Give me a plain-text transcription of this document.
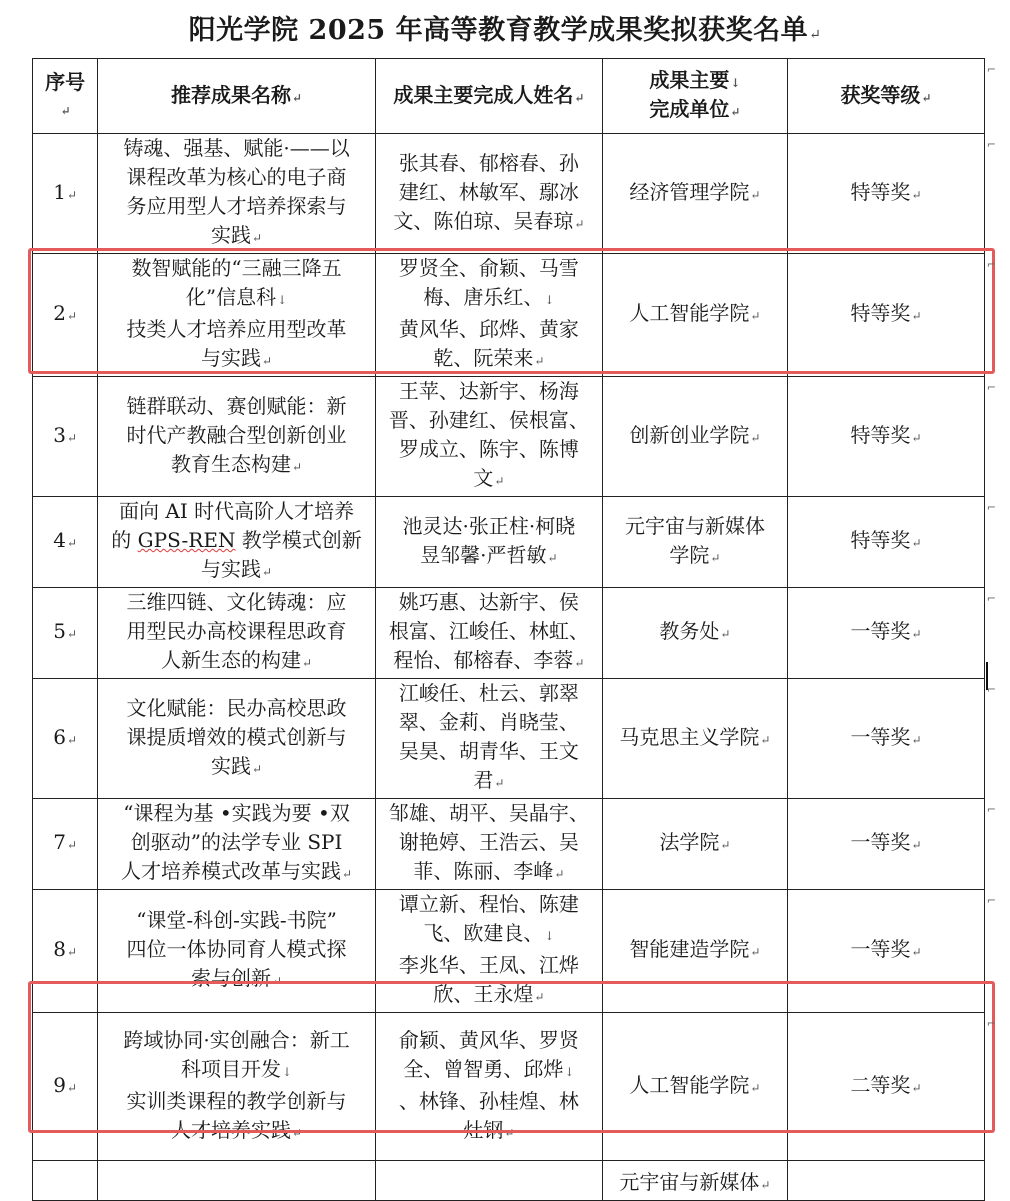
阳光学院 2025 年高等教育教学成果奖拟获奖名单↵
序号↵	推荐成果名称↵	成果主要完成人姓名↵	成果主要↓
完成单位↵	获奖等级↵
1↵	铸魂、强基、赋能·——以
课程改革为核心的电子商
务应用型人才培养探索与
实践↵	张其春、郁榕春、孙
建红、林敏军、鄢冰
文、陈伯琼、吴春琼↵	经济管理学院↵	特等奖↵
2↵	数智赋能的“三融三降五
化”信息科↓
技类人才培养应用型改革
与实践↵	罗贤全、俞颖、马雪
梅、唐乐红、↓
黄风华、邱烨、黄家
乾、阮荣来↵	人工智能学院↵	特等奖↵
3↵	链群联动、赛创赋能：新
时代产教融合型创新创业
教育生态构建↵	王苹、达新宇、杨海
晋、孙建红、侯根富、
罗成立、陈宇、陈博
文↵	创新创业学院↵	特等奖↵
4↵	面向 AI 时代高阶人才培养
的 GPS-REN 教学模式创新
与实践↵	池灵达·张正柱·柯晓
昱邹馨·严哲敏↵	元宇宙与新媒体
学院↵	特等奖↵
5↵	三维四链、文化铸魂：应
用型民办高校课程思政育
人新生态的构建↵	姚巧惠、达新宇、侯
根富、江峻任、林虹、
程怡、郁榕春、李蓉↵	教务处↵	一等奖↵
6↵	文化赋能：民办高校思政
课提质增效的模式创新与
实践↵	江峻任、杜云、郭翠
翠、金莉、肖晓莹、
吴昊、胡青华、王文
君↵	马克思主义学院↵	一等奖↵
7↵	“课程为基 •实践为要 •双
创驱动”的法学专业 SPI
人才培养模式改革与实践↵	邹雄、胡平、吴晶宇、
谢艳婷、王浩云、吴
菲、陈丽、李峰↵	法学院↵	一等奖↵
8↵	“课堂-科创-实践-书院”
四位一体协同育人模式探
索与创新↵	谭立新、程怡、陈建
飞、欧建良、↓
李兆华、王凤、江烨
欣、王永煌↵	智能建造学院↵	一等奖↵
9↵	跨域协同·实创融合：新工
科项目开发↓
实训类课程的教学创新与
人才培养实践↵	俞颖、黄风华、罗贤
全、曾智勇、邱烨↓
、林锋、孙桂煌、林
灶钢↵	人工智能学院↵	二等奖↵
			元宇宙与新媒体↵	
⌐
⌐
⌐
⌐
⌐
⌐
⌐
⌐
⌐
⌐
